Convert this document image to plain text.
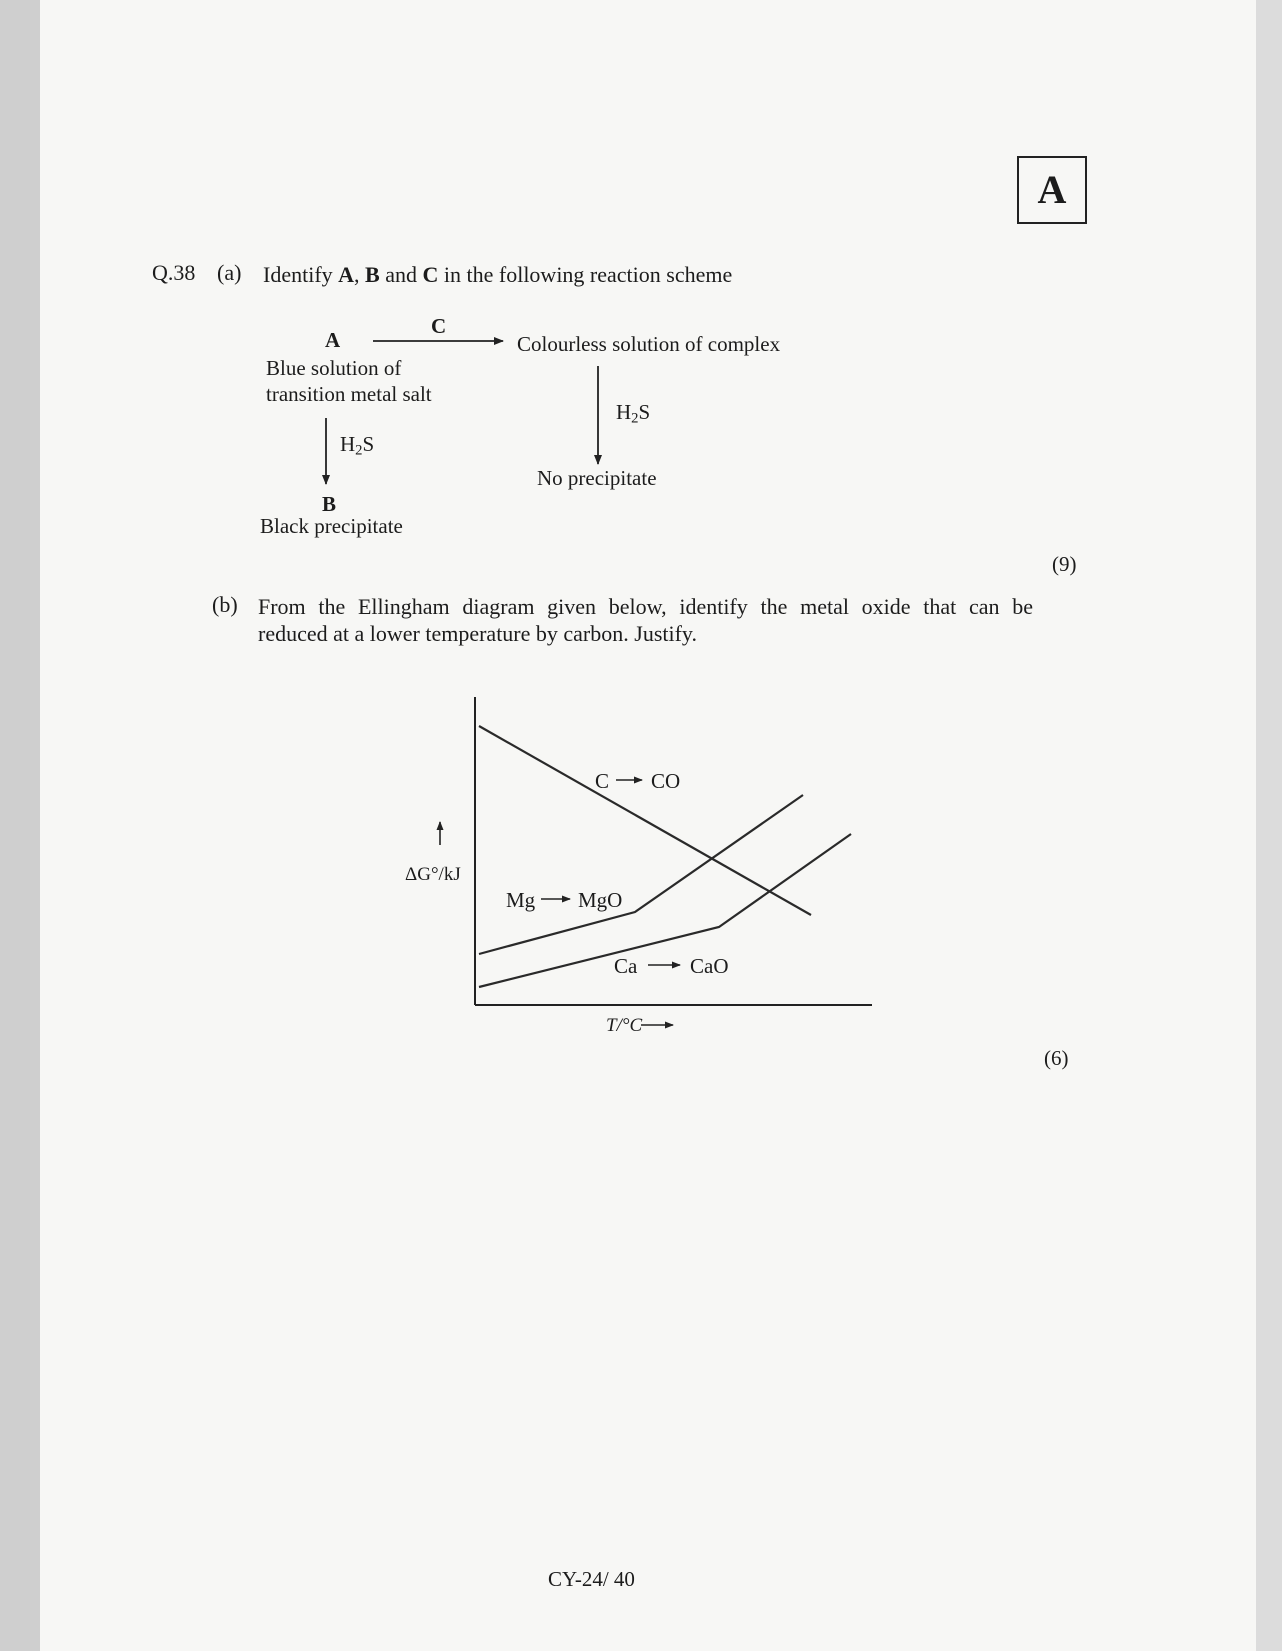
A
Q.38 (a) Identify A, B and C in the following reaction scheme
A
C
Colourless solution of complex
Blue solution of
transition metal salt
$H_2S$
$H_2S$
B
Black precipitate
No precipitate
(9)
(b) From the Ellingham diagram given below, identify the metal oxide that can be
reduced at a lower temperature by carbon. Justify.
ΔG°/kJ
T/°C
C CO
Mg MgO
Ca	CaO
(6)
CY-24/ 40
